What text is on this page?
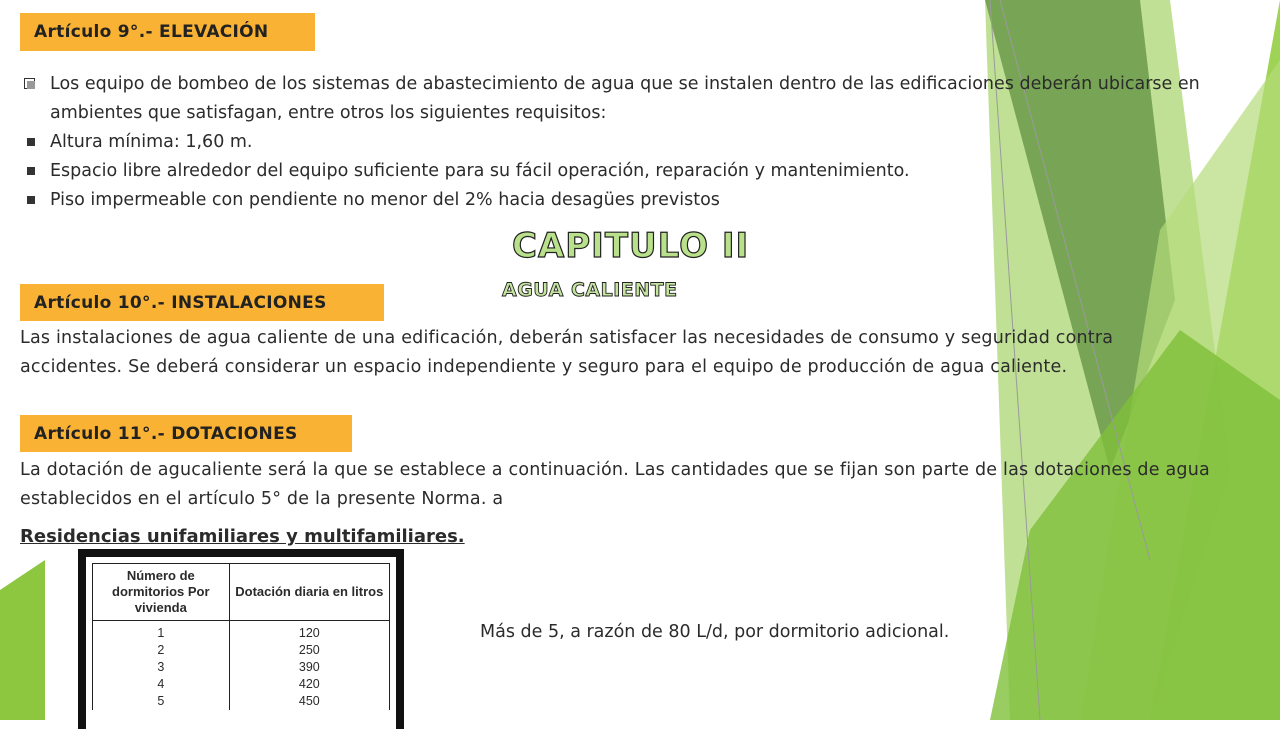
Artículo 9°.- ELEVACIÓN
Los equipo de bombeo de los sistemas de abastecimiento de agua que se instalen dentro de las edificaciones deberán ubicarse en ambientes que satisfagan, entre otros los siguientes requisitos:
Altura mínima: 1,60 m.
Espacio libre alrededor del equipo suficiente para su fácil operación, reparación y mantenimiento.
Piso impermeable con pendiente no menor del 2% hacia desagües previstos
CAPITULO II
AGUA CALIENTE
Artículo 10°.- INSTALACIONES
Las instalaciones de agua caliente de una edificación, deberán satisfacer las necesidades de consumo y seguridad contra accidentes. Se deberá considerar un espacio independiente y seguro para el equipo de producción de agua caliente.
Artículo 11°.- DOTACIONES
La dotación de agucaliente será la que se establece a continuación. Las cantidades que se fijan son parte de las dotaciones de agua establecidos en el artículo 5° de la presente Norma. a
Residencias unifamiliares y multifamiliares.
Número de dormitorios Por vivienda	Dotación diaria en litros
1	120
2	250
3	390
4	420
5	450
Más de 5, a razón de 80 L/d, por dormitorio adicional.
